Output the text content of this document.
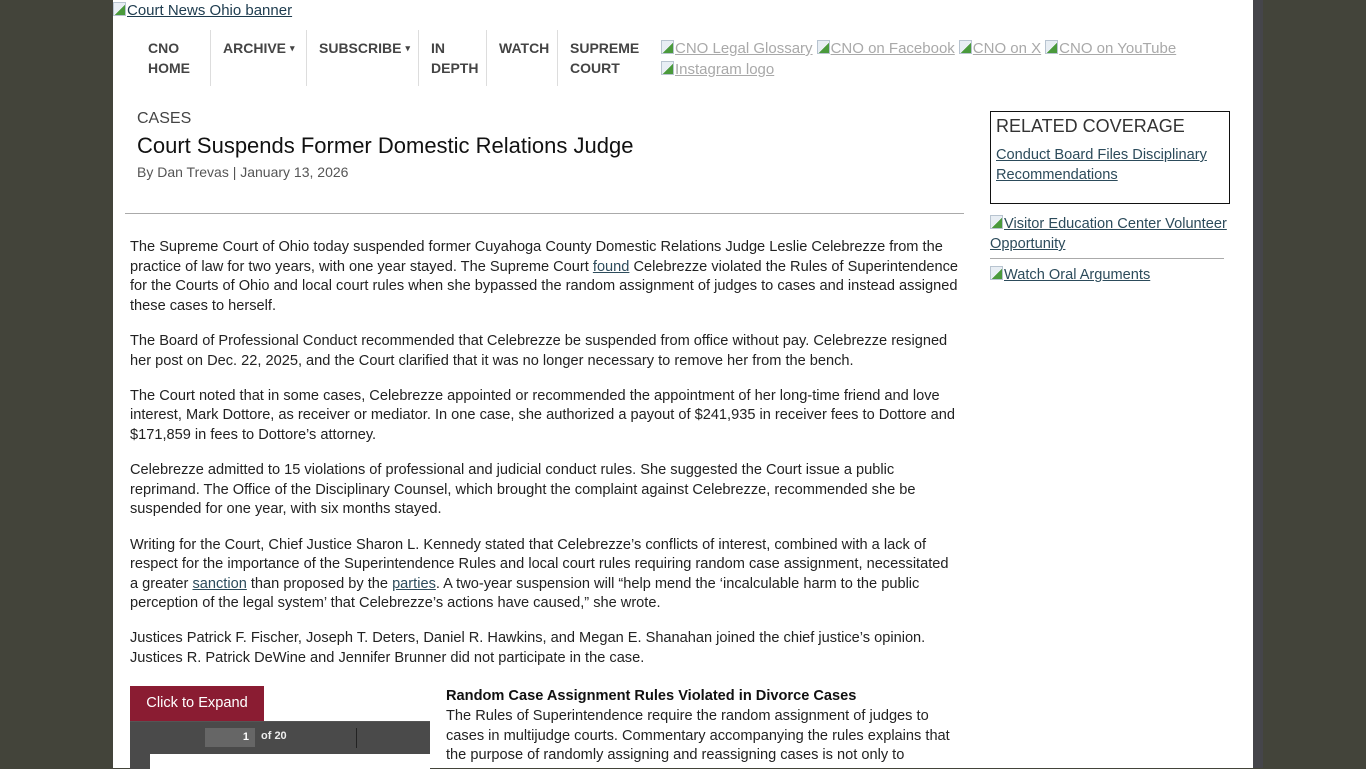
Court News Ohio banner
CNO HOME
ARCHIVE ▾	SUBSCRIBE ▾	IN DEPTH
WATCH	SUPREME COURT
CNO Legal Glossary CNO on Facebook CNO on X CNO on YouTube
Instagram logo
CASES
Court Suspends Former Domestic Relations Judge
By Dan Trevas | January 13, 2026

The Supreme Court of Ohio today suspended former Cuyahoga County Domestic Relations Judge Leslie Celebrezze from the practice of law for two years, with one year stayed. The Supreme Court found Celebrezze violated the Rules of Superintendence for the Courts of Ohio and local court rules when she bypassed the random assignment of judges to cases and instead assigned these cases to herself.

The Board of Professional Conduct recommended that Celebrezze be suspended from office without pay. Celebrezze resigned her post on Dec. 22, 2025, and the Court clarified that it was no longer necessary to remove her from the bench.

The Court noted that in some cases, Celebrezze appointed or recommended the appointment of her long-time friend and love interest, Mark Dottore, as receiver or mediator. In one case, she authorized a payout of $241,935 in receiver fees to Dottore and $171,859 in fees to Dottore’s attorney.

Celebrezze admitted to 15 violations of professional and judicial conduct rules. She suggested the Court issue a public reprimand. The Office of the Disciplinary Counsel, which brought the complaint against Celebrezze, recommended she be suspended for one year, with six months stayed.

Writing for the Court, Chief Justice Sharon L. Kennedy stated that Celebrezze’s conflicts of interest, combined with a lack of respect for the importance of the Superintendence Rules and local court rules requiring random case assignment, necessitated a greater sanction than proposed by the parties. A two-year suspension will “help mend the ‘incalculable harm to the public perception of the legal system’ that Celebrezze’s actions have caused,” she wrote.

Justices Patrick F. Fischer, Joseph T. Deters, Daniel R. Hawkins, and Megan E. Shanahan joined the chief justice’s opinion. Justices R. Patrick DeWine and Jennifer Brunner did not participate in the case.

Click to Expand
1	of 20
Random Case Assignment Rules Violated in Divorce Cases
The Rules of Superintendence require the random assignment of judges to cases in multijudge courts. Commentary accompanying the rules explains that the purpose of randomly assigning and reassigning cases is not only to
RELATED COVERAGE
Conduct Board Files Disciplinary Recommendations
Visitor Education Center Volunteer Opportunity
Watch Oral Arguments
